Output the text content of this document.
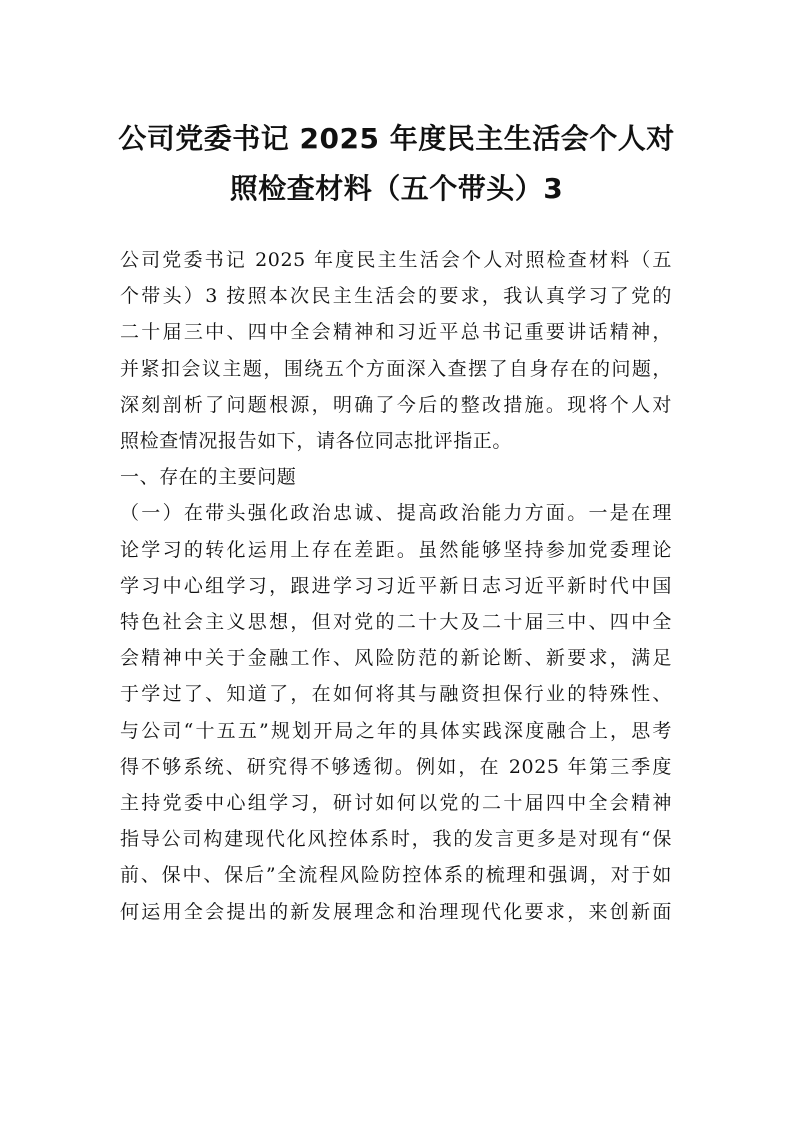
公司党委书记 2025 年度民主生活会个人对
照检查材料（五个带头）3
公司党委书记 2025 年度民主生活会个人对照检查材料（五
个带头）3 按照本次民主生活会的要求，我认真学习了党的
二十届三中、四中全会精神和习近平总书记重要讲话精神，
并紧扣会议主题，围绕五个方面深入查摆了自身存在的问题，
深刻剖析了问题根源，明确了今后的整改措施。现将个人对
照检查情况报告如下，请各位同志批评指正。
一、存在的主要问题
（一）在带头强化政治忠诚、提高政治能力方面。一是在理
论学习的转化运用上存在差距。虽然能够坚持参加党委理论
学习中心组学习，跟进学习习近平新日志习近平新时代中国
特色社会主义思想，但对党的二十大及二十届三中、四中全
会精神中关于金融工作、风险防范的新论断、新要求，满足
于学过了、知道了，在如何将其与融资担保行业的特殊性、
与公司“十五五”规划开局之年的具体实践深度融合上，思考
得不够系统、研究得不够透彻。例如，在 2025 年第三季度
主持党委中心组学习，研讨如何以党的二十届四中全会精神
指导公司构建现代化风控体系时，我的发言更多是对现有“保
前、保中、保后”全流程风险防控体系的梳理和强调，对于如
何运用全会提出的新发展理念和治理现代化要求，来创新面
